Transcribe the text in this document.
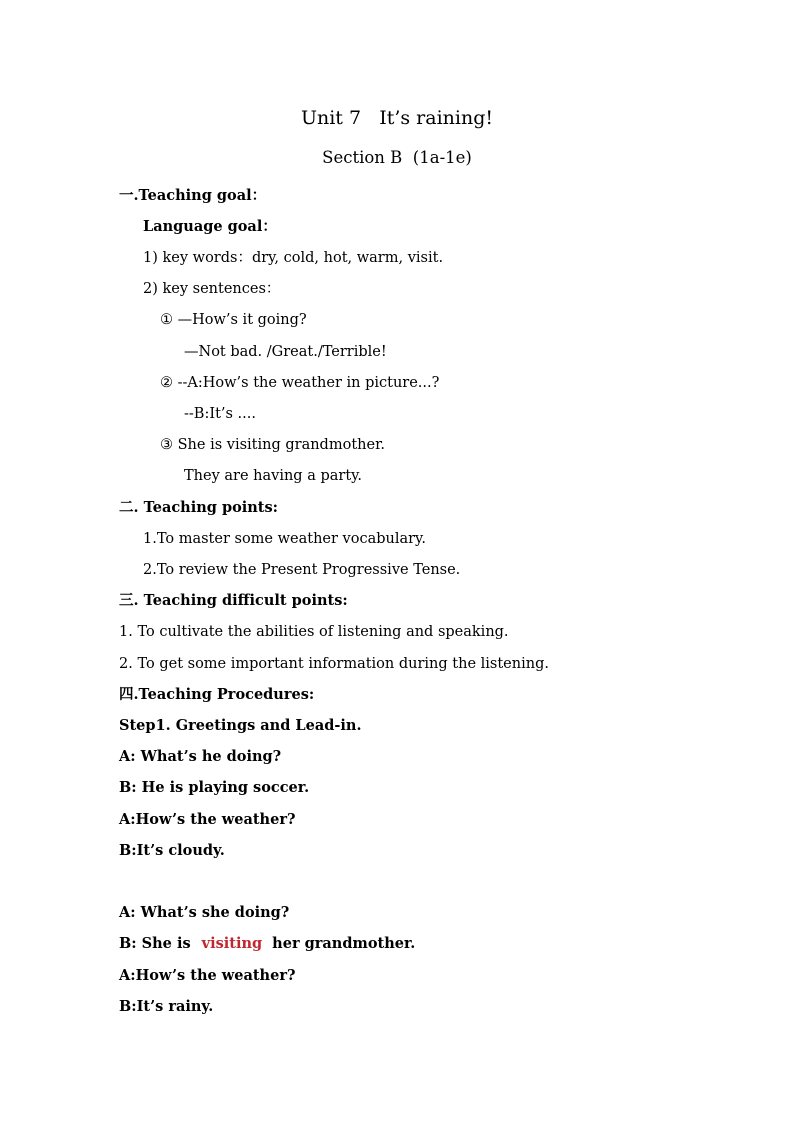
Unit 7   It’s raining!
Section B  (1a-1e)
一.Teaching goal：
Language goal：
1) key words：dry, cold, hot, warm, visit.
2) key sentences：
① —How’s it going?
—Not bad. /Great./Terrible!
② --A:How’s the weather in picture...?
--B:It’s ....
③ She is visiting grandmother.
They are having a party.
二. Teaching points:
1.To master some weather vocabulary.
2.To review the Present Progressive Tense.
三. Teaching difficult points:
1. To cultivate the abilities of listening and speaking.
2. To get some important information during the listening.
四.Teaching Procedures:
Step1. Greetings and Lead-in.
A: What’s he doing?
B: He is playing soccer.
A:How’s the weather?
B:It’s cloudy.
A: What’s she doing?
B: She is visiting her grandmother.
A:How’s the weather?
B:It’s rainy.
